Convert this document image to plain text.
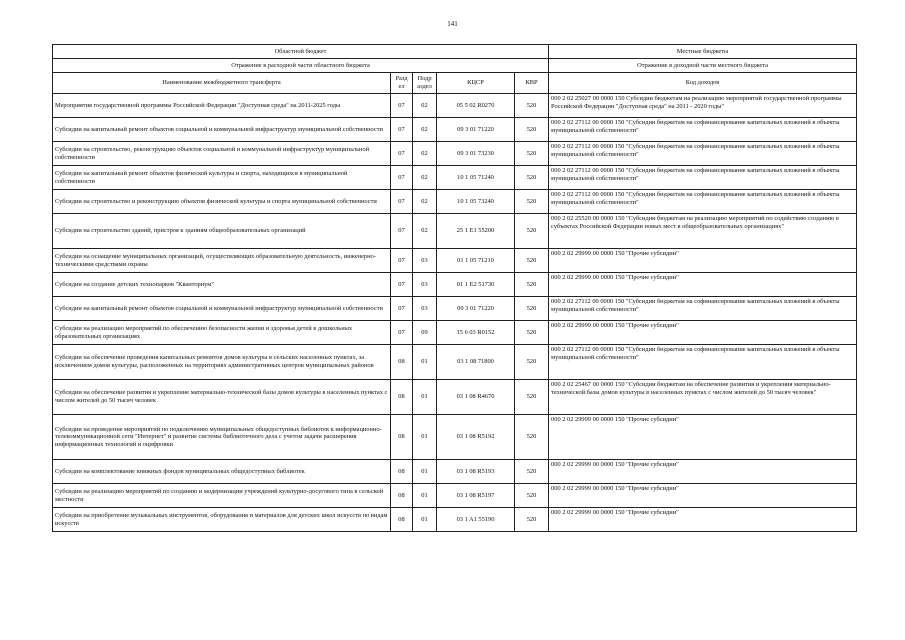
141
Областной бюджет					Местные бюджеты
Отражение в расходной части областного бюджета					Отражение в доходной части местного бюджета
Наименование межбюджетного трансферта	Разд ел	Подр аздел	КЦСР	КВР	Код доходов
Мероприятия государственной программы Российской Федерации "Доступная среда" на 2011-2025 годы	07	02	05 5 02 R0270	520	000 2 02 25027 00 0000 150 Субсидии бюджетам на реализацию мероприятий государственной программы Российской Федерации "Доступная среда" на 2011 - 2020 годы"
Субсидии на капитальный ремонт объектов социальной и коммунальной инфраструктур муниципальной собственности	07	02	09 3 01 71220	520	000 2 02 27112 00 0000 150 "Субсидии бюджетам на софинансирование капитальных вложений в объекты муниципальной собственности"
Субсидии на строительство, реконструкцию объектов социальной и коммунальной инфраструктур муниципальной собственности	07	02	09 3 01 73230	520	000 2 02 27112 00 0000 150 "Субсидии бюджетам на софинансирование капитальных вложений в объекты муниципальной собственности"
Субсидии на капитальный ремонт объектов физической культуры и спорта, находящихся в муниципальной собственности	07	02	10 1 05 71240	520	000 2 02 27112 00 0000 150 "Субсидии бюджетам на софинансирование капитальных вложений в объекты муниципальной собственности"
Субсидии на строительство и реконструкцию объектов физической культуры и спорта муниципальной собственности	07	02	10 1 05 73240	520	000 2 02 27112 00 0000 150 "Субсидии бюджетам на софинансирование капитальных вложений в объекты муниципальной собственности"
Субсидии на строительство зданий, пристроя к зданиям общеобразовательных организаций	07	02	25 1 E1 55200	520	000 2 02 25520 00 0000 150 "Субсидии бюджетам на реализацию мероприятий по содействию созданию в субъектах Российской Федерации новых мест в общеобразовательных организациях"
Субсидии на оснащение муниципальных организаций, осуществляющих образовательную деятельность, инженерно-техническими средствами охраны	07	03	01 1 05 71210	520	000 2 02 29999 00 0000 150 "Прочие субсидии"
Субсидии на создание детских технопарков "Кванториум"	07	03	01 1 E2 51730	520	000 2 02 29999 00 0000 150 "Прочие субсидии"
Субсидии на капитальный ремонт объектов социальной и коммунальной инфраструктур муниципальной собственности	07	03	09 3 01 71220	520	000 2 02 27112 00 0000 150 "Субсидии бюджетам на софинансирование капитальных вложений в объекты муниципальной собственности"
Субсидии на реализацию мероприятий по обеспечению безопасности жизни и здоровья детей в дошкольных образовательных организациях	07	09	15 6 03 R0152	520	000 2 02 29999 00 0000 150 "Прочие субсидии"
Субсидии на обеспечение проведения капитальных ремонтов домов культуры в сельских населенных пунктах, за исключением домов культуры, расположенных на территориях административных центров муниципальных районов	08	01	03 1 08 71800	520	000 2 02 27112 00 0000 150 "Субсидии бюджетам на софинансирование капитальных вложений в объекты муниципальной собственности"
Субсидии на обеспечение развития и укрепление материально-технической базы домов культуры в населенных пунктах с числом жителей до 50 тысяч человек	08	01	03 1 08 R4670	520	000 2 02 25467 00 0000 150 "Субсидии бюджетам на обеспечение развития и укрепления материально-технической базы домов культуры в населенных пунктах с числом жителей до 50 тысяч человек"
Субсидии на проведение мероприятий по подключению муниципальных общедоступных библиотек к информационно-телекоммуникационной сети "Интернет" и развитие системы библиотечного дела с учетом задачи расширения информационных технологий и оцифровки	08	01	03 1 08 R5192	520	000 2 02 29999 00 0000 150 "Прочие субсидии"
Субсидии на комплектование книжных фондов муниципальных общедоступных библиотек	08	01	03 1 08 R5193	520	000 2 02 29999 00 0000 150 "Прочие субсидии"
Субсидии на реализацию мероприятий по созданию и модернизации учреждений культурно-досугового типа в сельской местности	08	01	03 1 08 R5197	520	000 2 02 29999 00 0000 150 "Прочие субсидии"
Субсидии на приобретение музыкальных инструментов, оборудования и материалов для детских школ искусств по видам искусств	08	01	03 1 A1 55190	520	000 2 02 29999 00 0000 150 "Прочие субсидии"
